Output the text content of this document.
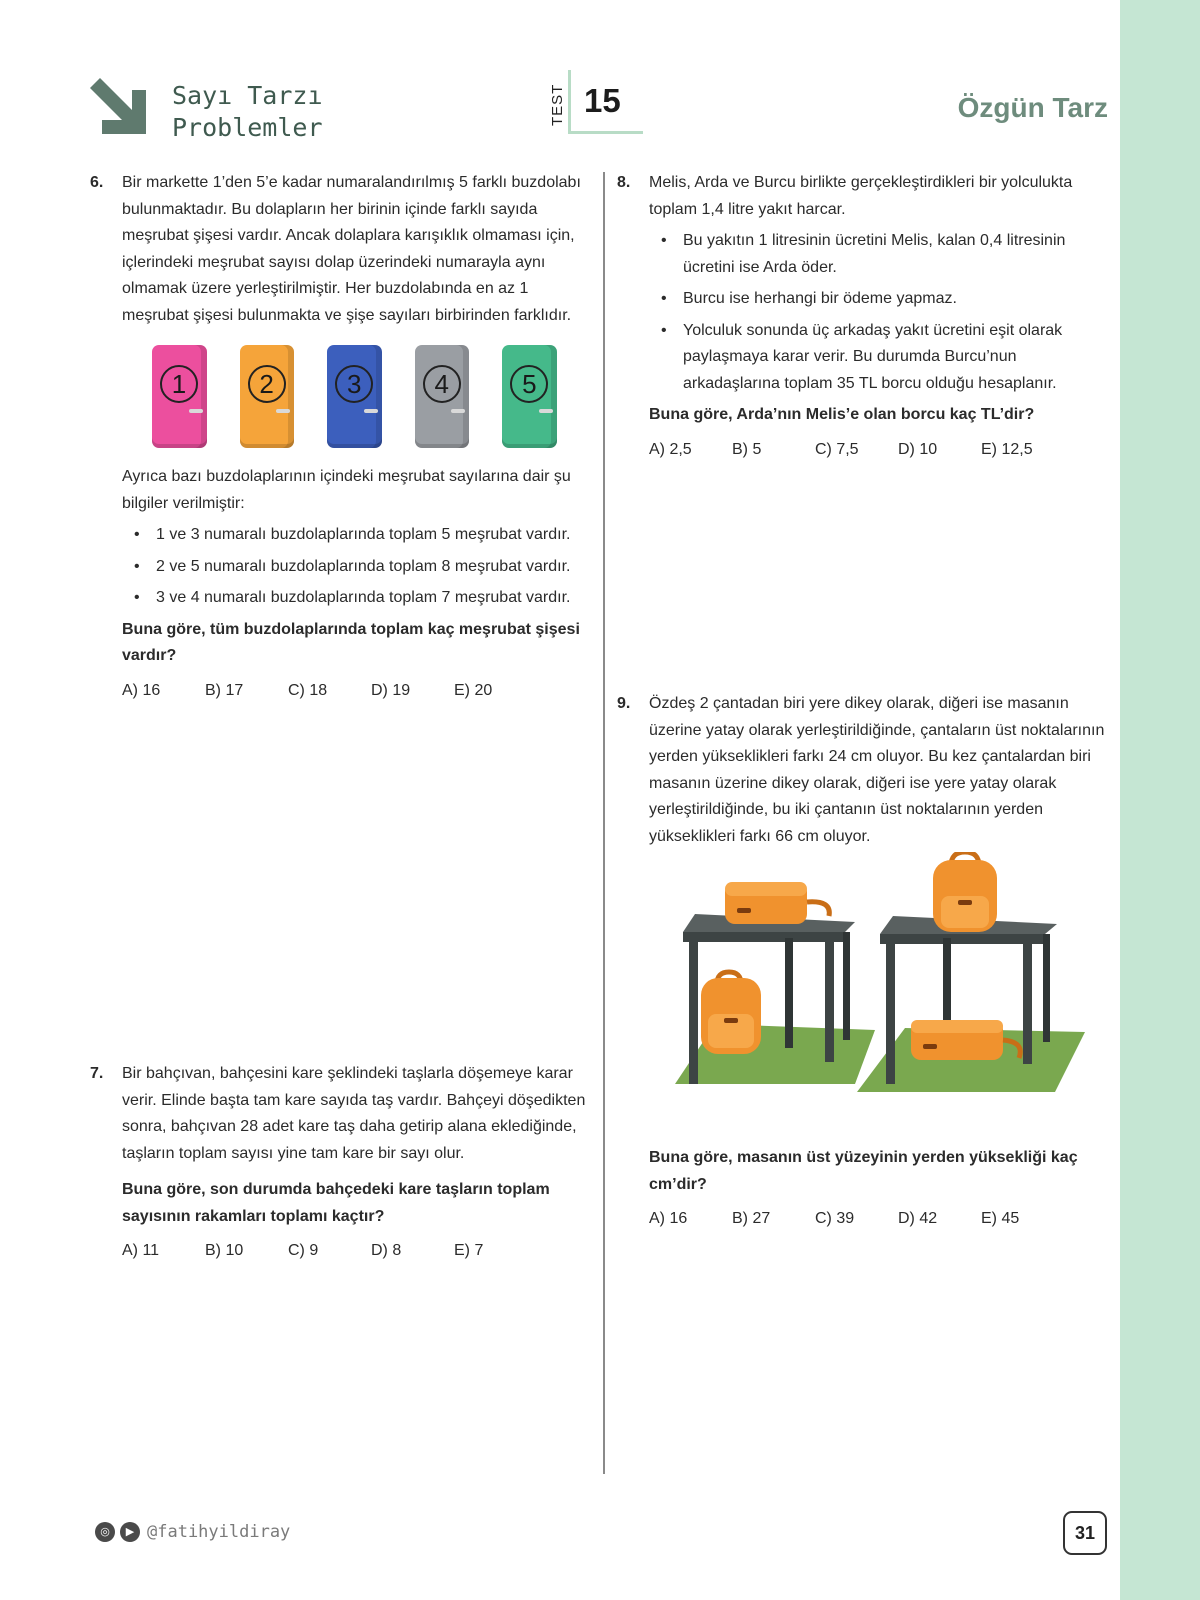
Sayı Tarzı
Problemler
TEST 15	Özgün Tarz
6. Bir markette 1’den 5’e kadar numaralandırılmış 5 farklı buzdolabı bulunmaktadır. Bu dolapların her birinin içinde farklı sayıda meşrubat şişesi vardır. Ancak dolaplara karışıklık olmaması için, içlerindeki meşrubat sayısı dolap üzerindeki numarayla aynı olmamak üzere yerleştirilmiştir. Her buzdolabında en az 1 meşrubat şişesi bulunmakta ve şişe sayıları birbirinden farklıdır.

1	2	3	4	5

Ayrıca bazı buzdolaplarının içindeki meşrubat sayılarına dair şu bilgiler verilmiştir:

• 1 ve 3 numaralı buzdolaplarında toplam 5 meşrubat vardır.
• 2 ve 5 numaralı buzdolaplarında toplam 8 meşrubat vardır.
• 3 ve 4 numaralı buzdolaplarında toplam 7 meşrubat vardır.

Buna göre, tüm buzdolaplarında toplam kaç meşrubat şişesi vardır?

A) 16	B) 17	C) 18	D) 19	E) 20
7. Bir bahçıvan, bahçesini kare şeklindeki taşlarla döşemeye karar verir. Elinde başta tam kare sayıda taş vardır. Bahçeyi döşedikten sonra, bahçıvan 28 adet kare taş daha getirip alana eklediğinde, taşların toplam sayısı yine tam kare bir sayı olur.

Buna göre, son durumda bahçedeki kare taşların toplam sayısının rakamları toplamı kaçtır?

A) 11	B) 10	C) 9	D) 8	E) 7
8. Melis, Arda ve Burcu birlikte gerçekleştirdikleri bir yolculukta toplam 1,4 litre yakıt harcar.

• Bu yakıtın 1 litresinin ücretini Melis, kalan 0,4 litresinin ücretini ise Arda öder.
• Burcu ise herhangi bir ödeme yapmaz.
• Yolculuk sonunda üç arkadaş yakıt ücretini eşit olarak paylaşmaya karar verir. Bu durumda Burcu’nun arkadaşlarına toplam 35 TL borcu olduğu hesaplanır.

Buna göre, Arda’nın Melis’e olan borcu kaç TL’dir?

A) 2,5	B) 5	C) 7,5	D) 10	E) 12,5
9. Özdeş 2 çantadan biri yere dikey olarak, diğeri ise masanın üzerine yatay olarak yerleştirildiğinde, çantaların üst noktalarının yerden yükseklikleri farkı 24 cm oluyor. Bu kez çantalardan biri masanın üzerine dikey olarak, diğeri ise yere yatay olarak yerleştirildiğinde, bu iki çantanın üst noktalarının yerden yükseklikleri farkı 66 cm oluyor.

Buna göre, masanın üst yüzeyinin yerden yüksekliği kaç cm’dir?

A) 16	B) 27	C) 39	D) 42	E) 45
◎	▶ @fatihyildiray	31
